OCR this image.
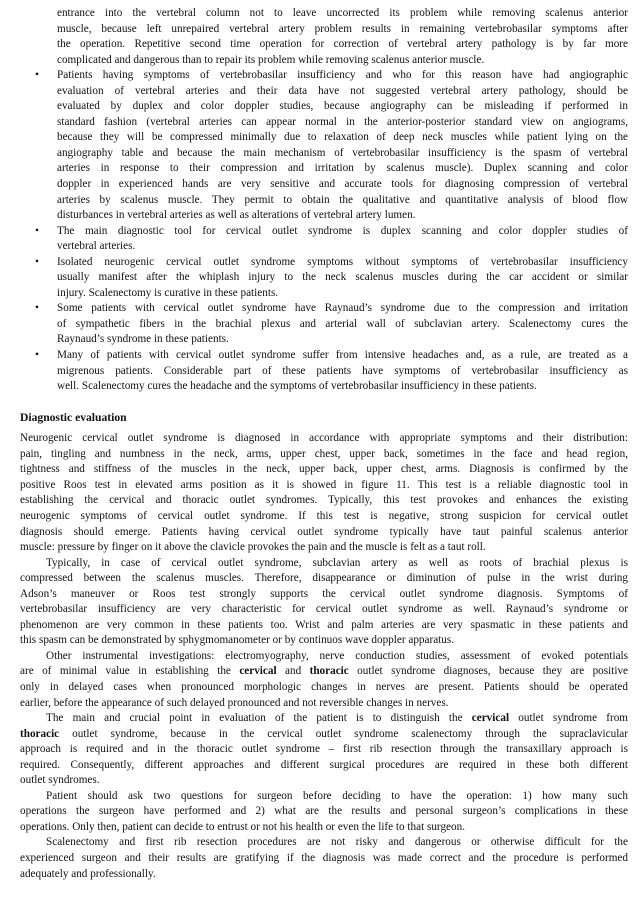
entrance into the vertebral column not to leave uncorrected its problem while removing scalenus anterior
muscle, because left unrepaired vertebral artery problem results in remaining vertebrobasilar symptoms after
the operation. Repetitive second time operation for correction of vertebral artery pathology is by far more
complicated and dangerous than to repair its problem while removing scalenus anterior muscle.
•	Patients having symptoms of vertebrobasilar insufficiency and who for this reason have had angiographic
evaluation of vertebral arteries and their data have not suggested vertebral artery pathology, should be
evaluated by duplex and color doppler studies, because angiography can be misleading if performed in
standard fashion (vertebral arteries can appear normal in the anterior-posterior standard view on angiograms,
because they will be compressed minimally due to relaxation of deep neck muscles while patient lying on the
angiography table and because the main mechanism of vertebrobasilar insufficiency is the spasm of vertebral
arteries in response to their compression and irritation by scalenus muscle). Duplex scanning and color
doppler in experienced hands are very sensitive and accurate tools for diagnosing compression of vertebral
arteries by scalenus muscle. They permit to obtain the qualitative and quantitative analysis of blood flow
disturbances in vertebral arteries as well as alterations of vertebral artery lumen.
•	The main diagnostic tool for cervical outlet syndrome is duplex scanning and color doppler studies of
vertebral arteries.
•	Isolated neurogenic cervical outlet syndrome symptoms without symptoms of vertebrobasilar insufficiency
usually manifest after the whiplash injury to the neck scalenus muscles during the car accident or similar
injury. Scalenectomy is curative in these patients.
•	Some patients with cervical outlet syndrome have Raynaud’s syndrome due to the compression and irritation
of sympathetic fibers in the brachial plexus and arterial wall of subclavian artery. Scalenectomy cures the
Raynaud’s syndrome in these patients.
•	Many of patients with cervical outlet syndrome suffer from intensive headaches and, as a rule, are treated as a
migrenous patients. Considerable part of these patients have symptoms of vertebrobasilar insufficiency as
well. Scalenectomy cures the headache and the symptoms of vertebrobasilar insufficiency in these patients.
Diagnostic evaluation
Neurogenic cervical outlet syndrome is diagnosed in accordance with appropriate symptoms and their distribution:
pain, tingling and numbness in the neck, arms, upper chest, upper back, sometimes in the face and head region,
tightness and stiffness of the muscles in the neck, upper back, upper chest, arms. Diagnosis is confirmed by the
positive Roos test in elevated arms position as it is showed in figure 11. This test is a reliable diagnostic tool in
establishing the cervical and thoracic outlet syndromes. Typically, this test provokes and enhances the existing
neurogenic symptoms of cervical outlet syndrome. If this test is negative, strong suspicion for cervical outlet
diagnosis should emerge. Patients having cervical outlet syndrome typically have taut painful scalenus anterior
muscle: pressure by finger on it above the clavicle provokes the pain and the muscle is felt as a taut roll.
Typically, in case of cervical outlet syndrome, subclavian artery as well as roots of brachial plexus is
compressed between the scalenus muscles. Therefore, disappearance or diminution of pulse in the wrist during
Adson’s maneuver or Roos test strongly supports the cervical outlet syndrome diagnosis. Symptoms of
vertebrobasilar insufficiency are very characteristic for cervical outlet syndrome as well. Raynaud’s syndrome or
phenomenon are very common in these patients too. Wrist and palm arteries are very spasmatic in these patients and
this spasm can be demonstrated by sphygmomanometer or by continuos wave doppler apparatus.
Other instrumental investigations: electromyography, nerve conduction studies, assessment of evoked potentials
are of minimal value in establishing the cervical and thoracic outlet syndrome diagnoses, because they are positive
only in delayed cases when pronounced morphologic changes in nerves are present. Patients should be operated
earlier, before the appearance of such delayed pronounced and not reversible changes in nerves.
The main and crucial point in evaluation of the patient is to distinguish the cervical outlet syndrome from
thoracic outlet syndrome, because in the cervical outlet syndrome scalenectomy through the supraclavicular
approach is required and in the thoracic outlet syndrome – first rib resection through the transaxillary approach is
required. Consequently, different approaches and different surgical procedures are required in these both different
outlet syndromes.
Patient should ask two questions for surgeon before deciding to have the operation: 1) how many such
operations the surgeon have performed and 2) what are the results and personal surgeon’s complications in these
operations. Only then, patient can decide to entrust or not his health or even the life to that surgeon.
Scalenectomy and first rib resection procedures are not risky and dangerous or otherwise difficult for the
experienced surgeon and their results are gratifying if the diagnosis was made correct and the procedure is performed
adequately and professionally.
